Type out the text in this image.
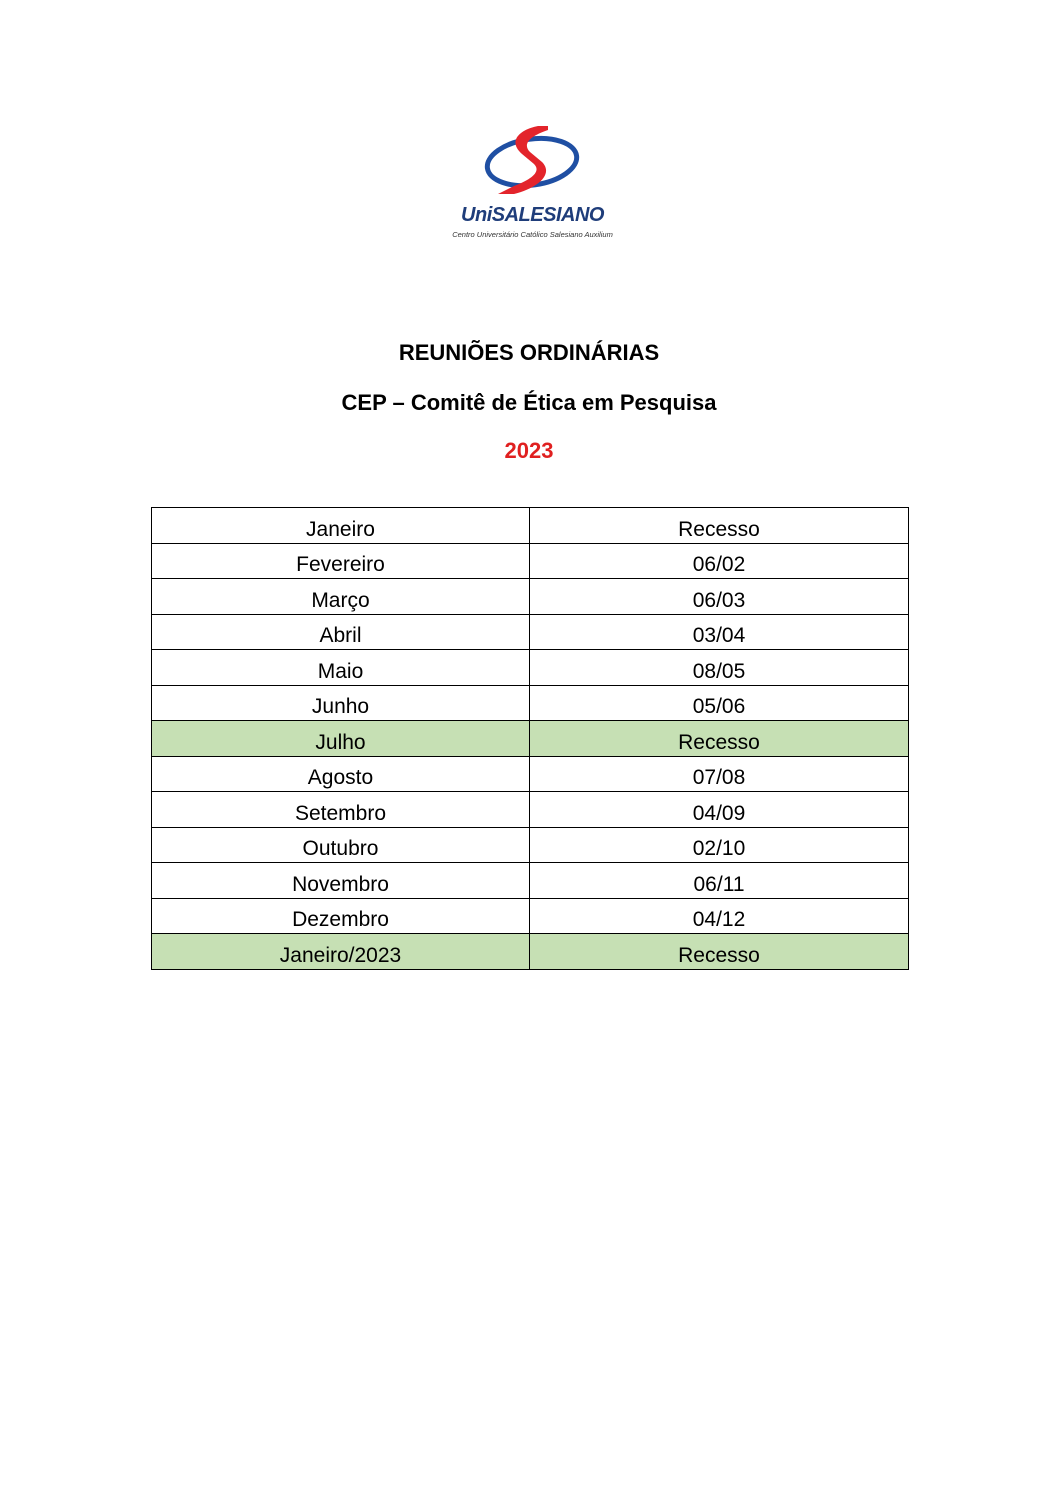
UniSALESIANO
Centro Universitário Católico Salesiano Auxilium
REUNIÕES ORDINÁRIAS
CEP – Comitê de Ética em Pesquisa
2023
Janeiro	Recesso
Fevereiro	06/02
Março	06/03
Abril	03/04
Maio	08/05
Junho	05/06
Julho	Recesso
Agosto	07/08
Setembro	04/09
Outubro	02/10
Novembro	06/11
Dezembro	04/12
Janeiro/2023	Recesso
